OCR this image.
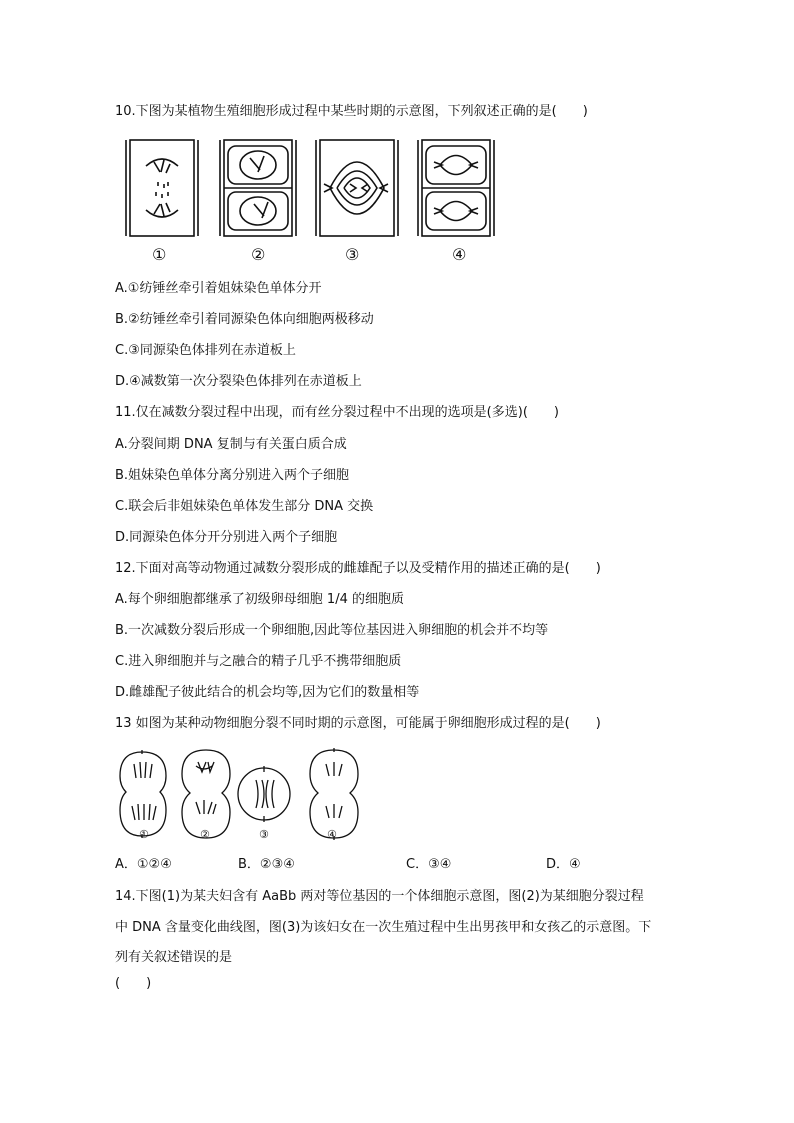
10.下图为某植物生殖细胞形成过程中某些时期的示意图，下列叙述正确的是(　　)
①	②	③	④
A.①纺锤丝牵引着姐妹染色单体分开
B.②纺锤丝牵引着同源染色体向细胞两极移动
C.③同源染色体排列在赤道板上
D.④减数第一次分裂染色体排列在赤道板上
11.仅在减数分裂过程中出现，而有丝分裂过程中不出现的选项是(多选)(　　)
A.分裂间期 DNA 复制与有关蛋白质合成
B.姐妹染色单体分离分别进入两个子细胞
C.联会后非姐妹染色单体发生部分 DNA 交换
D.同源染色体分开分别进入两个子细胞
12.下面对高等动物通过减数分裂形成的雌雄配子以及受精作用的描述正确的是(　　)
A.每个卵细胞都继承了初级卵母细胞 1/4 的细胞质
B.一次减数分裂后形成一个卵细胞,因此等位基因进入卵细胞的机会并不均等
C.进入卵细胞并与之融合的精子几乎不携带细胞质
D.雌雄配子彼此结合的机会均等,因为它们的数量相等
13 如图为某种动物细胞分裂不同时期的示意图，可能属于卵细胞形成过程的是(　　)
①	②	③	④
A．①②④	B．②③④	C．③④	D．④
14.下图(1)为某夫妇含有 AaBb 两对等位基因的一个体细胞示意图，图(2)为某细胞分裂过程
中 DNA 含量变化曲线图，图(3)为该妇女在一次生殖过程中生出男孩甲和女孩乙的示意图。下
列有关叙述错误的是
(　　)
